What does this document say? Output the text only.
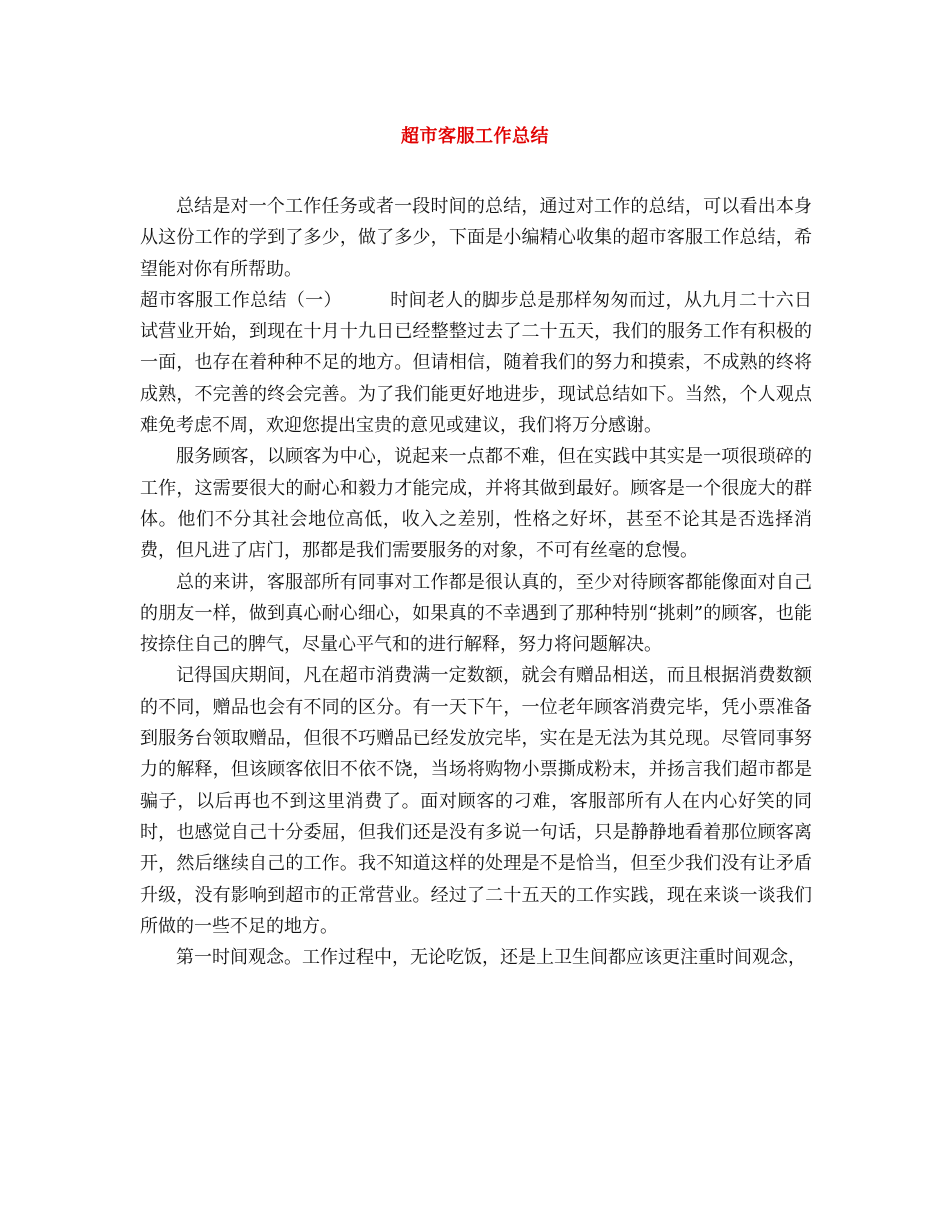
超市客服工作总结

总结是对一个工作任务或者一段时间的总结，通过对工作的总结，可以看出本身从这份工作的学到了多少，做了多少，下面是小编精心收集的超市客服工作总结，希望能对你有所帮助。

超市客服工作总结（一）	时间老人的脚步总是那样匆匆而过，从九月二十六日试营业开始，到现在十月十九日已经整整过去了二十五天，我们的服务工作有积极的一面，也存在着种种不足的地方。但请相信，随着我们的努力和摸索，不成熟的终将成熟，不完善的终会完善。为了我们能更好地进步，现试总结如下。当然，个人观点难免考虑不周，欢迎您提出宝贵的意见或建议，我们将万分感谢。

服务顾客，以顾客为中心，说起来一点都不难，但在实践中其实是一项很琐碎的工作，这需要很大的耐心和毅力才能完成，并将其做到最好。顾客是一个很庞大的群体。他们不分其社会地位高低，收入之差别，性格之好坏，甚至不论其是否选择消费，但凡进了店门，那都是我们需要服务的对象，不可有丝毫的怠慢。

总的来讲，客服部所有同事对工作都是很认真的，至少对待顾客都能像面对自己的朋友一样，做到真心耐心细心，如果真的不幸遇到了那种特别“挑刺”的顾客，也能按捺住自己的脾气，尽量心平气和的进行解释，努力将问题解决。

记得国庆期间，凡在超市消费满一定数额，就会有赠品相送，而且根据消费数额的不同，赠品也会有不同的区分。有一天下午，一位老年顾客消费完毕，凭小票准备到服务台领取赠品，但很不巧赠品已经发放完毕，实在是无法为其兑现。尽管同事努力的解释，但该顾客依旧不依不饶，当场将购物小票撕成粉末，并扬言我们超市都是骗子，以后再也不到这里消费了。面对顾客的刁难，客服部所有人在内心好笑的同时，也感觉自己十分委屈，但我们还是没有多说一句话，只是静静地看着那位顾客离开，然后继续自己的工作。我不知道这样的处理是不是恰当，但至少我们没有让矛盾升级，没有影响到超市的正常营业。经过了二十五天的工作实践，现在来谈一谈我们所做的一些不足的地方。

第一时间观念。工作过程中，无论吃饭，还是上卫生间都应该更注重时间观念，
